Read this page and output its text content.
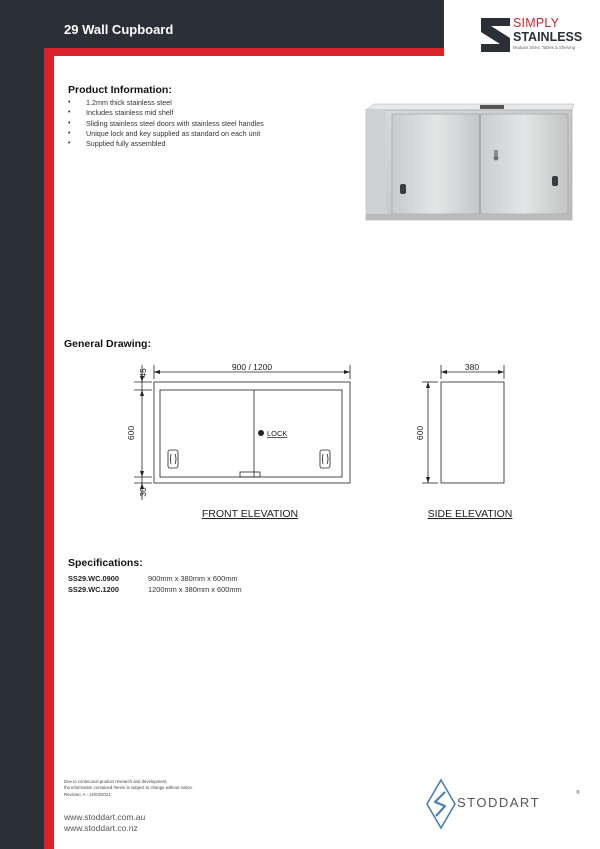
29 Wall Cupboard	SIMPLY
STAINLESS
Modular Sinks, Tables & Shelving
Product Information:
• 1.2mm thick stainless steel
• Includes stainless mid shelf
• Sliding stainless steel doors with stainless steel handles
• Unique lock and key supplied as standard on each unit
• Supplied fully assembled
General Drawing:
900 / 1200
45
600
30
LOCK
380
600
FRONT ELEVATION	SIDE ELEVATION
Specifications:
SS29.WC.0900	900mm x 380mm x 600mm
SS29.WC.1200	1200mm x 380mm x 600mm
Due to continuous product research and development,
the information contained herein is subject to change without notice.
Revision: A - 12/03/2021
www.stoddart.com.au
www.stoddart.co.nz
STODDART
®
